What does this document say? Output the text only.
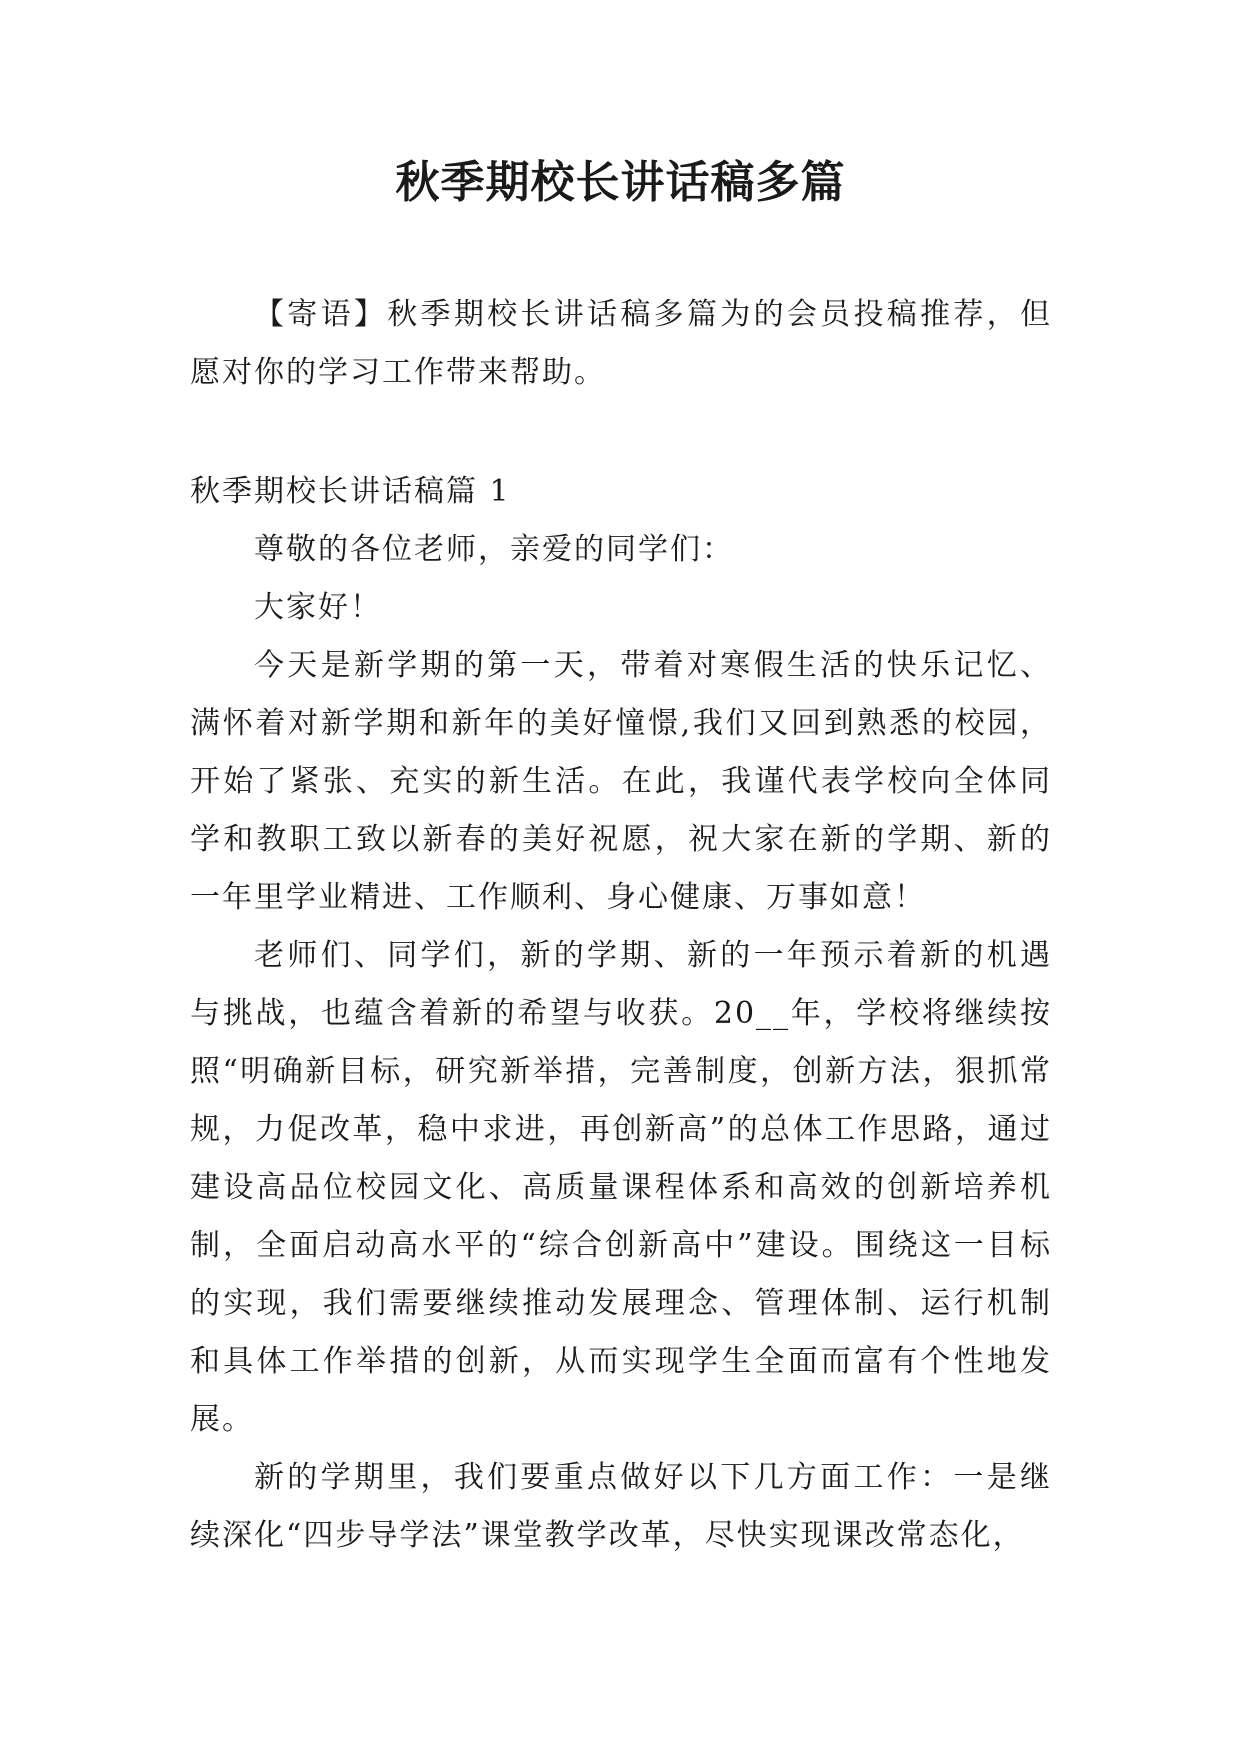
秋季期校长讲话稿多篇

【寄语】秋季期校长讲话稿多篇为的会员投稿推荐，但愿对你的学习工作带来帮助。

秋季期校长讲话稿篇 1

尊敬的各位老师，亲爱的同学们：

大家好！

今天是新学期的第一天，带着对寒假生活的快乐记忆、满怀着对新学期和新年的美好憧憬,我们又回到熟悉的校园，开始了紧张、充实的新生活。在此，我谨代表学校向全体同学和教职工致以新春的美好祝愿，祝大家在新的学期、新的一年里学业精进、工作顺利、身心健康、万事如意！

老师们、同学们，新的学期、新的一年预示着新的机遇与挑战，也蕴含着新的希望与收获。20__年，学校将继续按照“明确新目标，研究新举措，完善制度，创新方法，狠抓常规，力促改革，稳中求进，再创新高”的总体工作思路，通过建设高品位校园文化、高质量课程体系和高效的创新培养机制，全面启动高水平的“综合创新高中”建设。围绕这一目标的实现，我们需要继续推动发展理念、管理体制、运行机制和具体工作举措的创新，从而实现学生全面而富有个性地发展。

新的学期里，我们要重点做好以下几方面工作：一是继续深化“四步导学法”课堂教学改革，尽快实现课改常态化，
